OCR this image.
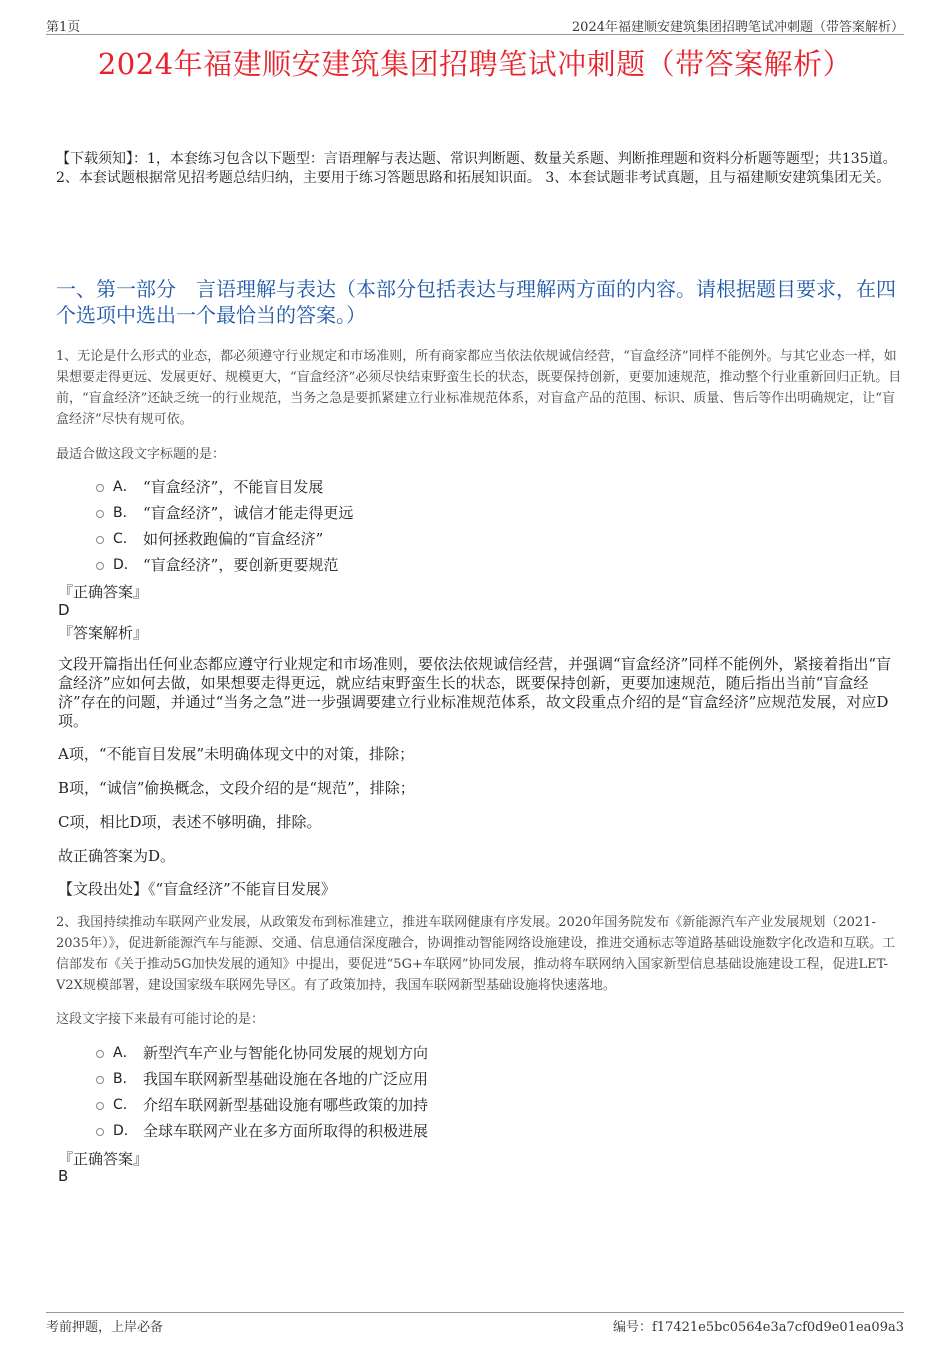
第1页	2024年福建顺安建筑集团招聘笔试冲刺题（带答案解析）
2024年福建顺安建筑集团招聘笔试冲刺题（带答案解析）
【下载须知】：1，本套练习包含以下题型：言语理解与表达题、常识判断题、数量关系题、判断推理题和资料分析题等题型；共135道。 2、本套试题根据常见招考题总结归纳，主要用于练习答题思路和拓展知识面。 3、本套试题非考试真题，且与福建顺安建筑集团无关。
一、第一部分　言语理解与表达（本部分包括表达与理解两方面的内容。请根据题目要求，在四个选项中选出一个最恰当的答案。）
1、无论是什么形式的业态，都必须遵守行业规定和市场准则，所有商家都应当依法依规诚信经营，“盲盒经济”同样不能例外。与其它业态一样，如果想要走得更远、发展更好、规模更大，“盲盒经济”必须尽快结束野蛮生长的状态，既要保持创新，更要加速规范，推动整个行业重新回归正轨。目前，“盲盒经济”还缺乏统一的行业规范，当务之急是要抓紧建立行业标准规范体系，对盲盒产品的范围、标识、质量、售后等作出明确规定，让“盲盒经济”尽快有规可依。
最适合做这段文字标题的是：
A． “盲盒经济”，不能盲目发展
B． “盲盒经济”，诚信才能走得更远
C． 如何拯救跑偏的“盲盒经济”
D． “盲盒经济”，要创新更要规范
『正确答案』
D
『答案解析』
文段开篇指出任何业态都应遵守行业规定和市场准则，要依法依规诚信经营，并强调“盲盒经济”同样不能例外，紧接着指出“盲盒经济”应如何去做，如果想要走得更远，就应结束野蛮生长的状态，既要保持创新，更要加速规范，随后指出当前“盲盒经济”存在的问题，并通过“当务之急”进一步强调要建立行业标准规范体系，故文段重点介绍的是“盲盒经济”应规范发展，对应D项。
A项，“不能盲目发展”未明确体现文中的对策，排除；
B项，“诚信”偷换概念，文段介绍的是“规范”，排除；
C项，相比D项，表述不够明确，排除。
故正确答案为D。
【文段出处】《“盲盒经济”不能盲目发展》
2、我国持续推动车联网产业发展，从政策发布到标准建立，推进车联网健康有序发展。2020年国务院发布《新能源汽车产业发展规划（2021-2035年）》，促进新能源汽车与能源、交通、信息通信深度融合，协调推动智能网络设施建设，推进交通标志等道路基础设施数字化改造和互联。工信部发布《关于推动5G加快发展的通知》中提出，要促进“5G+车联网”协同发展，推动将车联网纳入国家新型信息基础设施建设工程，促进LET-V2X规模部署，建设国家级车联网先导区。有了政策加持，我国车联网新型基础设施将快速落地。
这段文字接下来最有可能讨论的是：
A． 新型汽车产业与智能化协同发展的规划方向
B． 我国车联网新型基础设施在各地的广泛应用
C． 介绍车联网新型基础设施有哪些政策的加持
D． 全球车联网产业在多方面所取得的积极进展
『正确答案』
B
考前押题，上岸必备	编号：f17421e5bc0564e3a7cf0d9e01ea09a3
